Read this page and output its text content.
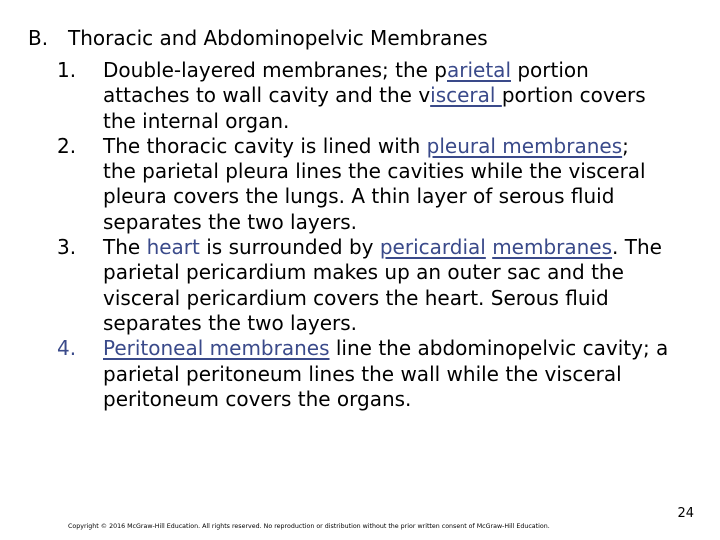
B. Thoracic and Abdominopelvic Membranes
1. Double-layered membranes; the parietal portion
attaches to wall cavity and the visceral portion covers
the internal organ.
2. The thoracic cavity is lined with pleural membranes;
the parietal pleura lines the cavities while the visceral
pleura covers the lungs. A thin layer of serous fluid
separates the two layers.
3. The heart is surrounded by pericardial membranes. The
parietal pericardium makes up an outer sac and the
visceral pericardium covers the heart. Serous fluid
separates the two layers.
4. Peritoneal membranes line the abdominopelvic cavity; a
parietal peritoneum lines the wall while the visceral
peritoneum covers the organs.
24
Copyright © 2016 McGraw-Hill Education. All rights reserved. No reproduction or distribution without the prior written consent of McGraw-Hill Education.
